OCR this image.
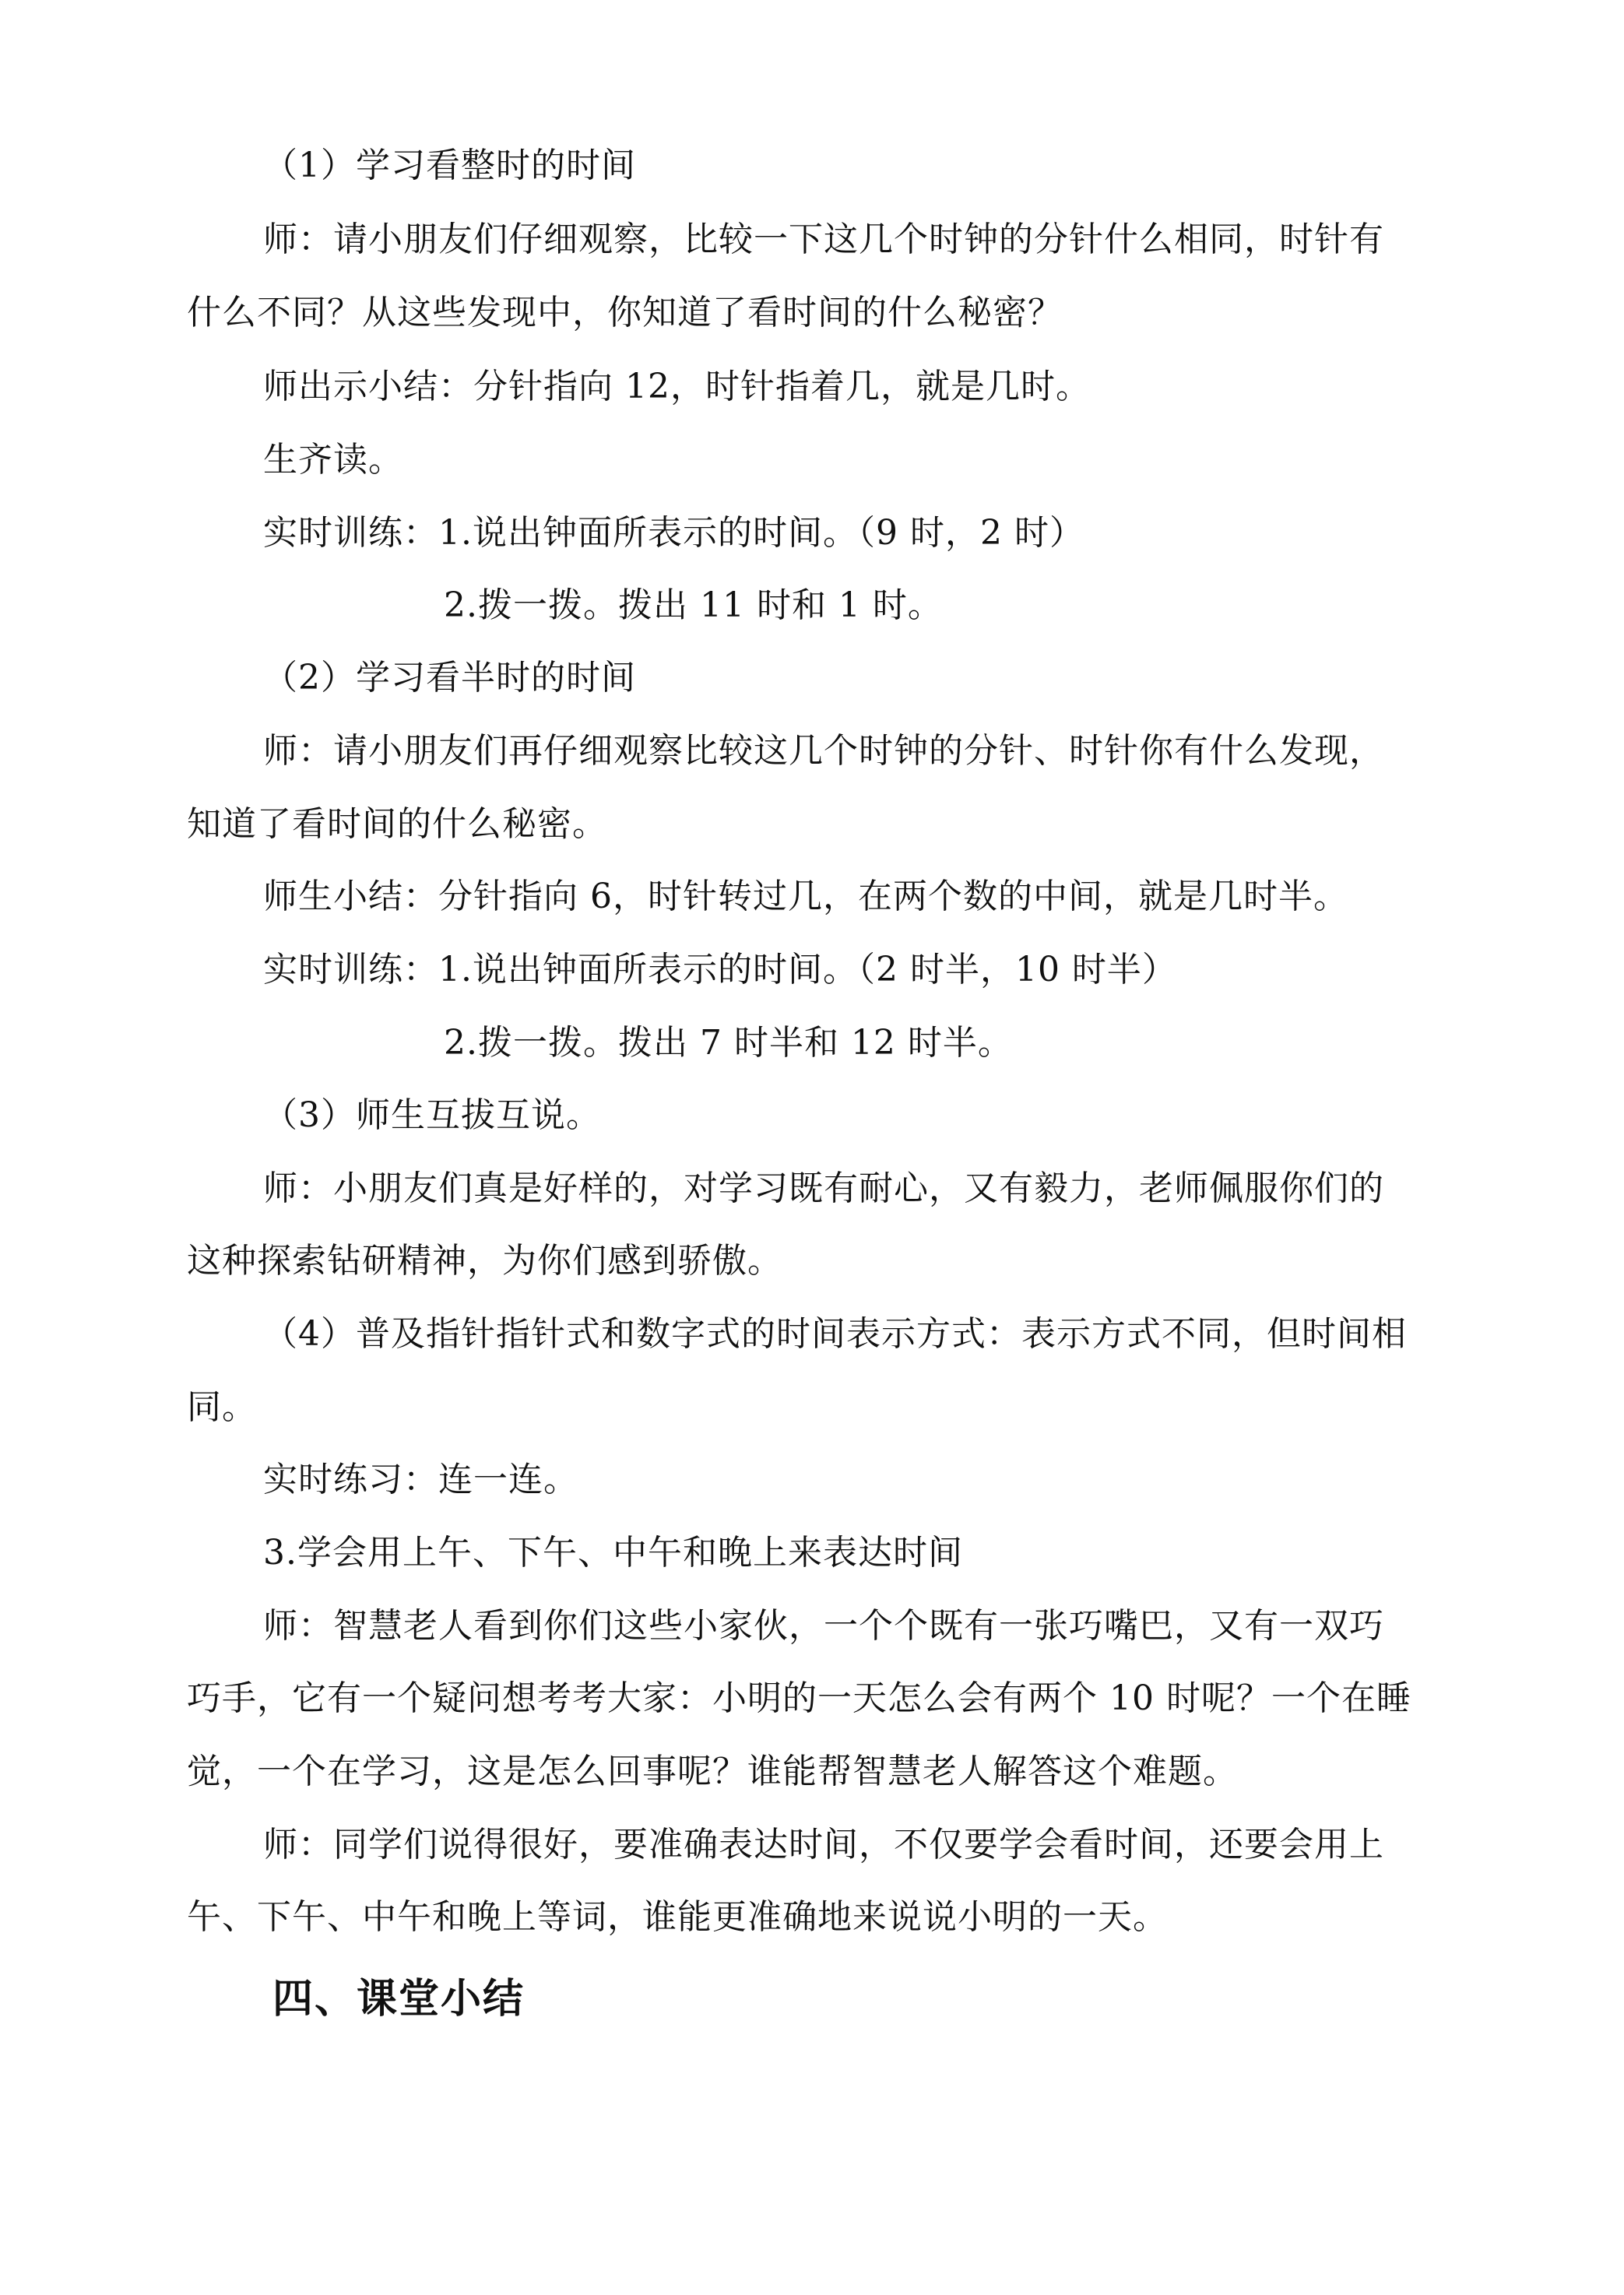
（1）学习看整时的时间
师：请小朋友们仔细观察，比较一下这几个时钟的分针什么相同，时针有
什么不同？从这些发现中，你知道了看时间的什么秘密？
师出示小结：分针指向 12，时针指着几，就是几时。
生齐读。
实时训练：1.说出钟面所表示的时间。（9 时，2 时）
2.拨一拨。拨出 11 时和 1 时。
（2）学习看半时的时间
师：请小朋友们再仔细观察比较这几个时钟的分针、时针你有什么发现，
知道了看时间的什么秘密。
师生小结：分针指向 6，时针转过几，在两个数的中间，就是几时半。
实时训练：1.说出钟面所表示的时间。（2 时半，10 时半）
2.拨一拨。拨出 7 时半和 12 时半。
（3）师生互拔互说。
师：小朋友们真是好样的，对学习既有耐心，又有毅力，老师佩服你们的
这种探索钻研精神，为你们感到骄傲。
（4）普及指针指针式和数字式的时间表示方式：表示方式不同，但时间相
同。
实时练习：连一连。
3.学会用上午、下午、中午和晚上来表达时间
师：智慧老人看到你们这些小家伙，一个个既有一张巧嘴巴，又有一双巧
巧手，它有一个疑问想考考大家：小明的一天怎么会有两个 10 时呢？一个在睡
觉，一个在学习，这是怎么回事呢？谁能帮智慧老人解答这个难题。
师：同学们说得很好，要准确表达时间，不仅要学会看时间，还要会用上
午、下午、中午和晚上等词，谁能更准确地来说说小明的一天。
四、课堂小结
